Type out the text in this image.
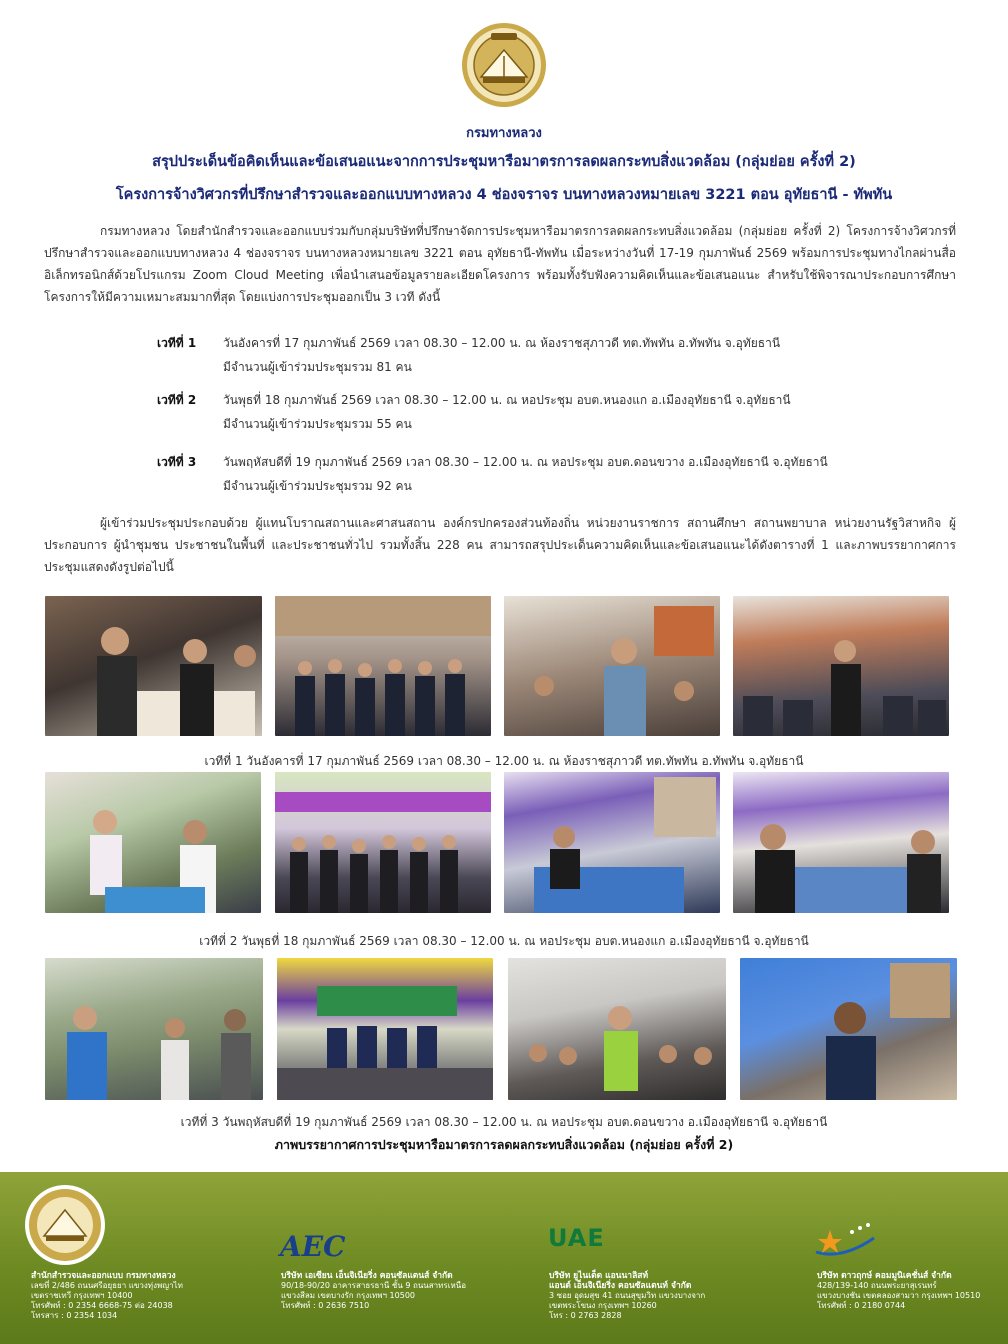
กรมทางหลวง
สรุปประเด็นข้อคิดเห็นและข้อเสนอแนะจากการประชุมหารือมาตรการลดผลกระทบสิ่งแวดล้อม (กลุ่มย่อย ครั้งที่ 2)
โครงการจ้างวิศวกรที่ปรึกษาสำรวจและออกแบบทางหลวง 4 ช่องจราจร บนทางหลวงหมายเลข 3221 ตอน อุทัยธานี - ทัพทัน
กรมทางหลวง โดยสำนักสำรวจและออกแบบร่วมกับกลุ่มบริษัทที่ปรึกษาจัดการประชุมหารือมาตรการลดผลกระทบสิ่งแวดล้อม (กลุ่มย่อย ครั้งที่ 2) โครงการจ้างวิศวกรที่ปรึกษาสำรวจและออกแบบทางหลวง 4 ช่องจราจร บนทางหลวงหมายเลข 3221 ตอน อุทัยธานี-ทัพทัน เมื่อระหว่างวันที่ 17-19 กุมภาพันธ์ 2569 พร้อมการประชุมทางไกลผ่านสื่ออิเล็กทรอนิกส์ด้วยโปรแกรม Zoom Cloud Meeting เพื่อนำเสนอข้อมูลรายละเอียดโครงการ พร้อมทั้งรับฟังความคิดเห็นและข้อเสนอแนะ สำหรับใช้พิจารณาประกอบการศึกษาโครงการให้มีความเหมาะสมมากที่สุด โดยแบ่งการประชุมออกเป็น 3 เวที ดังนี้
เวทีที่ 1 วันอังคารที่ 17 กุมภาพันธ์ 2569 เวลา 08.30 – 12.00 น. ณ ห้องราชสุภาวดี ทต.ทัพทัน อ.ทัพทัน จ.อุทัยธานี
มีจำนวนผู้เข้าร่วมประชุมรวม 81 คน
เวทีที่ 2 วันพุธที่ 18 กุมภาพันธ์ 2569 เวลา 08.30 – 12.00 น. ณ หอประชุม อบต.หนองแก อ.เมืองอุทัยธานี จ.อุทัยธานี
มีจำนวนผู้เข้าร่วมประชุมรวม 55 คน
เวทีที่ 3 วันพฤหัสบดีที่ 19 กุมภาพันธ์ 2569 เวลา 08.30 – 12.00 น. ณ หอประชุม อบต.ดอนขวาง อ.เมืองอุทัยธานี จ.อุทัยธานี
มีจำนวนผู้เข้าร่วมประชุมรวม 92 คน
ผู้เข้าร่วมประชุมประกอบด้วย ผู้แทนโบราณสถานและศาสนสถาน องค์กรปกครองส่วนท้องถิ่น หน่วยงานราชการ สถานศึกษา สถานพยาบาล หน่วยงานรัฐวิสาหกิจ ผู้ประกอบการ ผู้นำชุมชน ประชาชนในพื้นที่ และประชาชนทั่วไป รวมทั้งสิ้น 228 คน สามารถสรุปประเด็นความคิดเห็นและข้อเสนอแนะได้ดังตารางที่ 1 และภาพบรรยากาศการประชุมแสดงดังรูปต่อไปนี้
เวทีที่ 1 วันอังคารที่ 17 กุมภาพันธ์ 2569 เวลา 08.30 – 12.00 น. ณ ห้องราชสุภาวดี ทต.ทัพทัน อ.ทัพทัน จ.อุทัยธานี
เวทีที่ 2 วันพุธที่ 18 กุมภาพันธ์ 2569 เวลา 08.30 – 12.00 น. ณ หอประชุม อบต.หนองแก อ.เมืองอุทัยธานี จ.อุทัยธานี
เวทีที่ 3 วันพฤหัสบดีที่ 19 กุมภาพันธ์ 2569 เวลา 08.30 – 12.00 น. ณ หอประชุม อบต.ดอนขวาง อ.เมืองอุทัยธานี จ.อุทัยธานี
ภาพบรรยากาศการประชุมหารือมาตรการลดผลกระทบสิ่งแวดล้อม (กลุ่มย่อย ครั้งที่ 2)
สำนักสำรวจและออกแบบ กรมทางหลวง
เลขที่ 2/486 ถนนศรีอยุธยา แขวงทุ่งพญาไท
เขตราชเทวี กรุงเทพฯ 10400
โทรศัพท์ : 0 2354 6668-75 ต่อ 24038
โทรสาร : 0 2354 1034
AEC
บริษัท เอเซียน เอ็นจิเนียริ่ง คอนซัลแตนส์ จำกัด
90/18-90/20 อาคารสาธรธานี ชั้น 9 ถนนสาทรเหนือ
แขวงสีลม เขตบางรัก กรุงเทพฯ 10500
โทรศัพท์ : 0 2636 7510
UAE
บริษัท ยูไนเต็ด แอนนาลิสท์
แอนด์ เอ็นจิเนียริ่ง คอนซัลแตนท์ จำกัด
3 ซอย อุดมสุข 41 ถนนสุขุมวิท แขวงบางจาก
เขตพระโขนง กรุงเทพฯ 10260
โทร : 0 2763 2828
บริษัท ดาวฤกษ์ คอมมูนิเคชั่นส์ จำกัด
428/139-140 ถนนพระยาสุเรนทร์
แขวงบางชัน เขตคลองสามวา กรุงเทพฯ 10510
โทรศัพท์ : 0 2180 0744
